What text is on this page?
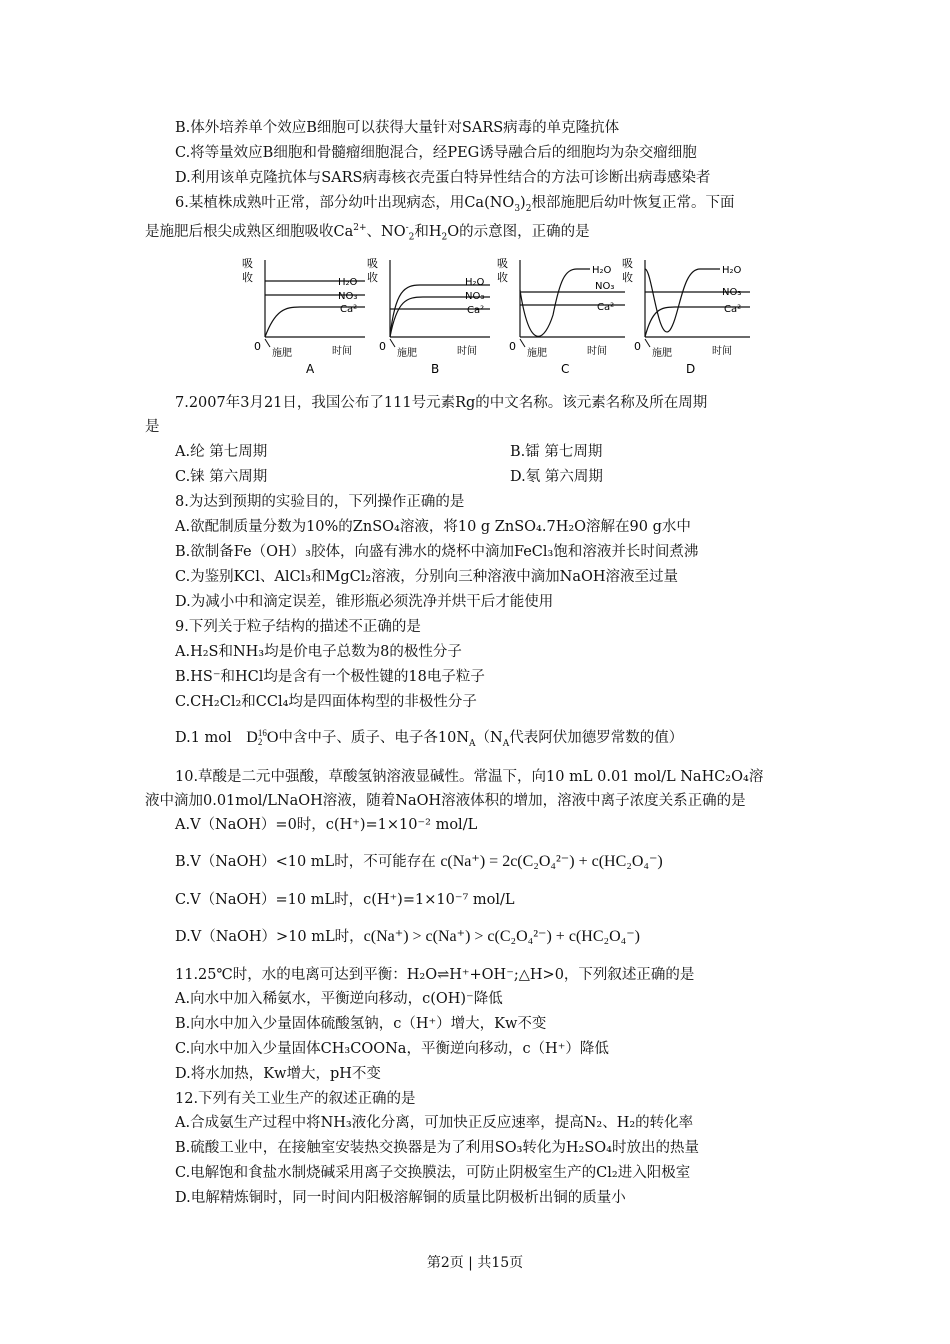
B.体外培养单个效应B细胞可以获得大量针对SARS病毒的单克隆抗体
C.将等量效应B细胞和骨髓瘤细胞混合，经PEG诱导融合后的细胞均为杂交瘤细胞
D.利用该单克隆抗体与SARS病毒核衣壳蛋白特异性结合的方法可诊断出病毒感染者
6.某植株成熟叶正常，部分幼叶出现病态，用$Ca(NO_3)_2$根部施肥后幼叶恢复正常。下面
是施肥后根尖成熟区细胞吸收$Ca^{2+}$、$NO^-_2$和$H_2O$的示意图，正确的是
吸
收
0
H₂O
NO₃
Ca²
施肥	时间
A
吸
收
0
H₂O
NO₃
Ca²
施肥	时间
B
吸
收
0
H₂O
NO₃
Ca²
施肥	时间
C
吸
收
0
H₂O
NO₃
Ca²
施肥	时间
D
7.2007年3月21日，我国公布了111号元素Rg的中文名称。该元素名称及所在周期
是
A.纶 第七周期	B.镭 第七周期
C.铼 第六周期	D.氡 第六周期
8.为达到预期的实验目的，下列操作正确的是
A.欲配制质量分数为10%的ZnSO₄溶液，将10 g ZnSO₄.7H₂O溶解在90 g水中
B.欲制备Fe（OH）₃胶体，向盛有沸水的烧杯中滴加FeCl₃饱和溶液并长时间煮沸
C.为鉴别KCl、AlCl₃和MgCl₂溶液，分别向三种溶液中滴加NaOH溶液至过量
D.为减小中和滴定误差，锥形瓶必须洗净并烘干后才能使用
9.下列关于粒子结构的描述不正确的是
A.H₂S和NH₃均是价电子总数为8的极性分子
B.HS⁻和HCl均是含有一个极性键的18电子粒子
C.CH₂Cl₂和CCl₄均是四面体构型的非极性分子
D.1 mol D 16
2 O中含中子、质子、电子各$10N_A(N_A$代表阿伏加德罗常数的值）
10.草酸是二元中强酸，草酸氢钠溶液显碱性。常温下，向10 mL 0.01 mol/L NaHC₂O₄溶
液中滴加0.01mol/LNaOH溶液，随着NaOH溶液体积的增加，溶液中离子浓度关系正确的是
A.V（NaOH）=0时，c(H⁺)=1×10⁻² mol/L
B.V（NaOH）<10 mL时，不可能存在 c(Na⁺) = 2c(C₂O₄²⁻) + c(HC₂O₄⁻)
C.V（NaOH）=10 mL时，c(H⁺)=1×10⁻⁷ mol/L
D.V（NaOH）>10 mL时，c(Na⁺) > c(Na⁺) > c(C₂O₄²⁻) + c(HC₂O₄⁻)
11.25℃时，水的电离可达到平衡：H₂O⇌H⁺+OH⁻;△H>0，下列叙述正确的是
A.向水中加入稀氨水，平衡逆向移动，c(OH)⁻降低
B.向水中加入少量固体硫酸氢钠，c（H⁺）增大，Kw不变
C.向水中加入少量固体CH₃COONa，平衡逆向移动，c（H⁺）降低
D.将水加热，Kw增大，pH不变
12.下列有关工业生产的叙述正确的是
A.合成氨生产过程中将NH₃液化分离，可加快正反应速率，提高N₂、H₂的转化率
B.硫酸工业中，在接触室安装热交换器是为了利用SO₃转化为H₂SO₄时放出的热量
C.电解饱和食盐水制烧碱采用离子交换膜法，可防止阴极室生产的Cl₂进入阳极室
D.电解精炼铜时，同一时间内阳极溶解铜的质量比阴极析出铜的质量小
第2页 | 共15页
